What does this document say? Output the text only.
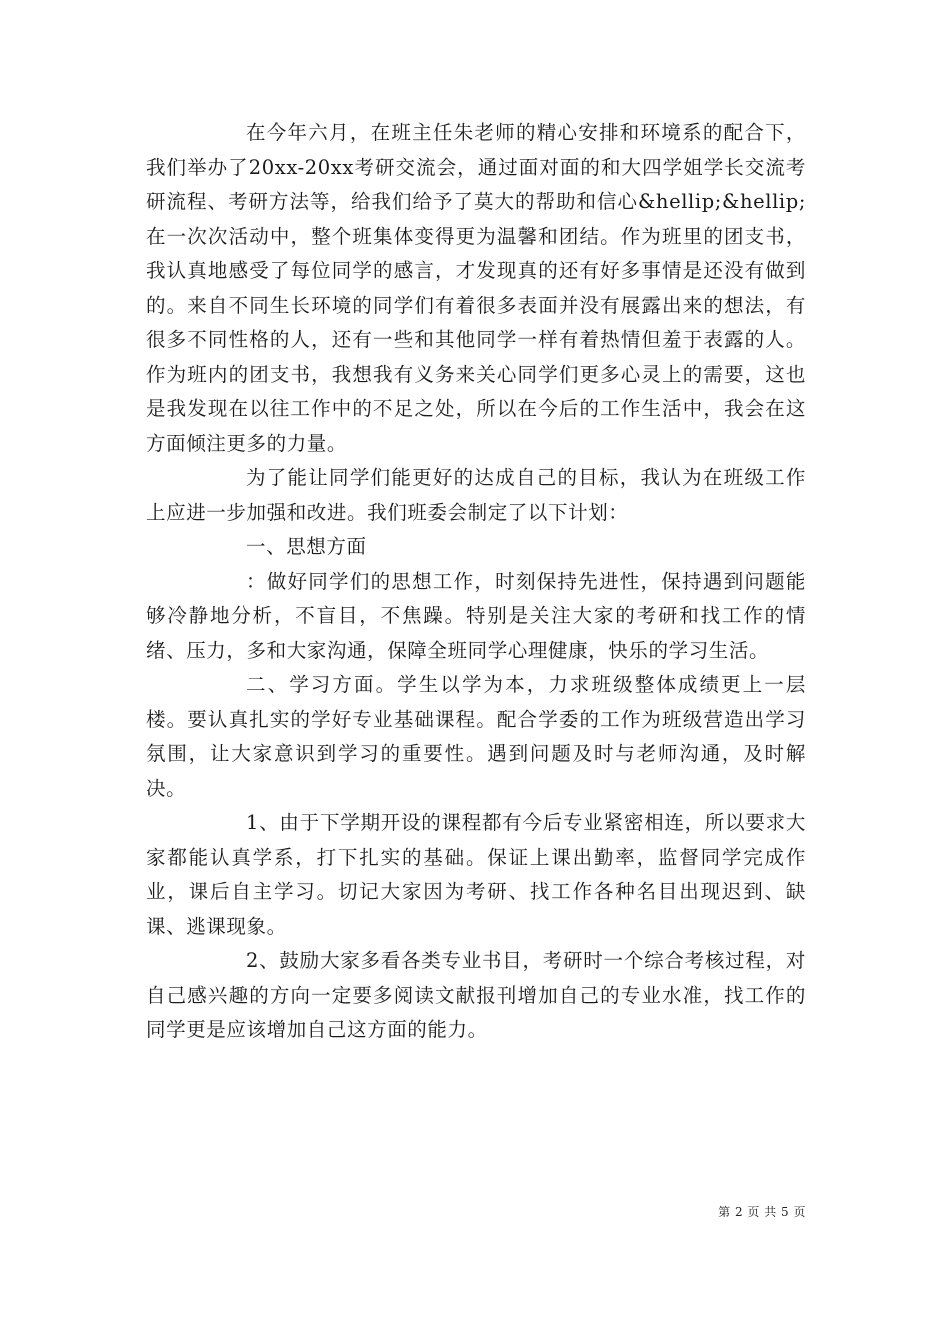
在今年六月，在班主任朱老师的精心安排和环境系的配合下，我们举办了20xx-20xx考研交流会，通过面对面的和大四学姐学长交流考研流程、考研方法等，给我们给予了莫大的帮助和信心&hellip;&hellip;在一次次活动中，整个班集体变得更为温馨和团结。作为班里的团支书，我认真地感受了每位同学的感言，才发现真的还有好多事情是还没有做到的。来自不同生长环境的同学们有着很多表面并没有展露出来的想法，有很多不同性格的人，还有一些和其他同学一样有着热情但羞于表露的人。作为班内的团支书，我想我有义务来关心同学们更多心灵上的需要，这也是我发现在以往工作中的不足之处，所以在今后的工作生活中，我会在这方面倾注更多的力量。

为了能让同学们能更好的达成自己的目标，我认为在班级工作上应进一步加强和改进。我们班委会制定了以下计划：

一、思想方面

：做好同学们的思想工作，时刻保持先进性，保持遇到问题能够冷静地分析，不盲目，不焦躁。特别是关注大家的考研和找工作的情绪、压力，多和大家沟通，保障全班同学心理健康，快乐的学习生活。

二、学习方面。学生以学为本，力求班级整体成绩更上一层楼。要认真扎实的学好专业基础课程。配合学委的工作为班级营造出学习氛围，让大家意识到学习的重要性。遇到问题及时与老师沟通，及时解决。

1、由于下学期开设的课程都有今后专业紧密相连，所以要求大家都能认真学系，打下扎实的基础。保证上课出勤率，监督同学完成作业，课后自主学习。切记大家因为考研、找工作各种名目出现迟到、缺课、逃课现象。

2、鼓励大家多看各类专业书目，考研时一个综合考核过程，对自己感兴趣的方向一定要多阅读文献报刊增加自己的专业水准，找工作的同学更是应该增加自己这方面的能力。

第 2 页 共 5 页
